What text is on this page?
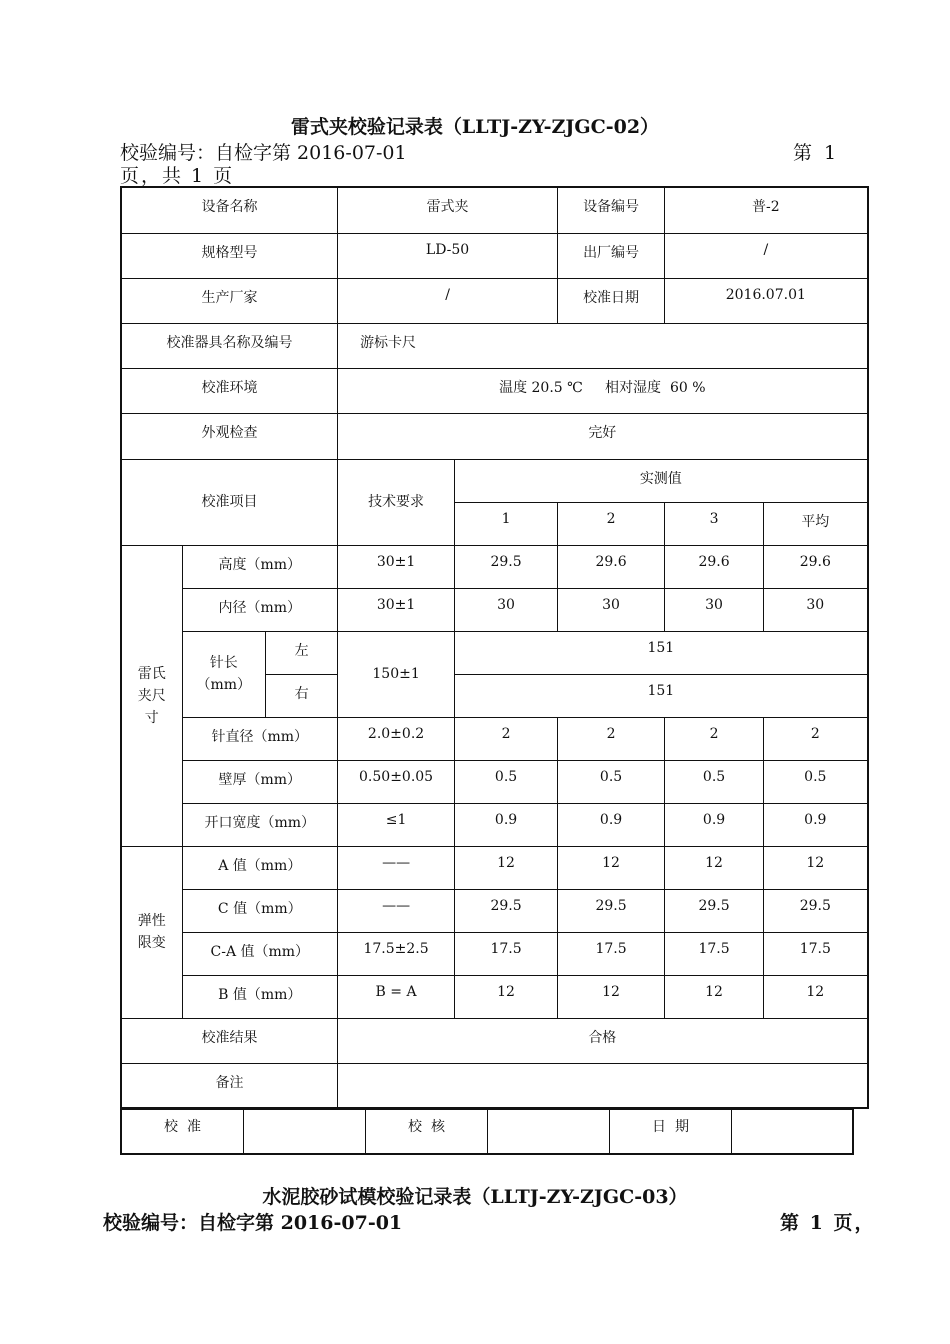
雷式夹校验记录表（LLTJ-ZY-ZJGC-02）
校验编号：自检字第 2016-07-01	第 1
页，共 1 页
设备名称			雷式夹		设备编号	普-2	
规格型号			LD-50		出厂编号	/	
生产厂家			/		校准日期	2016.07.01	
校准器具名称及编号			游标卡尺				
校准环境			温度 20.5 ℃     相对湿度  60 %				
外观检查			完好				
校准项目			技术要求	实测值			
				1	2	3	平均
雷氏夹尺寸	高度（mm）		30±1	29.5	29.6	29.6	29.6
	内径（mm）		30±1	30	30	30	30
	针长（mm）	左	150±1	151			
		右		151			
	针直径（mm）		2.0±0.2	2	2	2	2
	壁厚（mm）		0.50±0.05	0.5	0.5	0.5	0.5
	开口宽度（mm）		≤1	0.9	0.9	0.9	0.9
弹性限变	A 值（mm）		——	12	12	12	12
	C 值（mm）		——	29.5	29.5	29.5	29.5
	C-A 值（mm）		17.5±2.5	17.5	17.5	17.5	17.5
	B 值（mm）		B = A	12	12	12	12
校准结果			合格				
备注							
校  准	校  核	日  期
水泥胶砂试模校验记录表（LLTJ-ZY-ZJGC-03）
校验编号：自检字第 2016-07-01	第 1 页，
